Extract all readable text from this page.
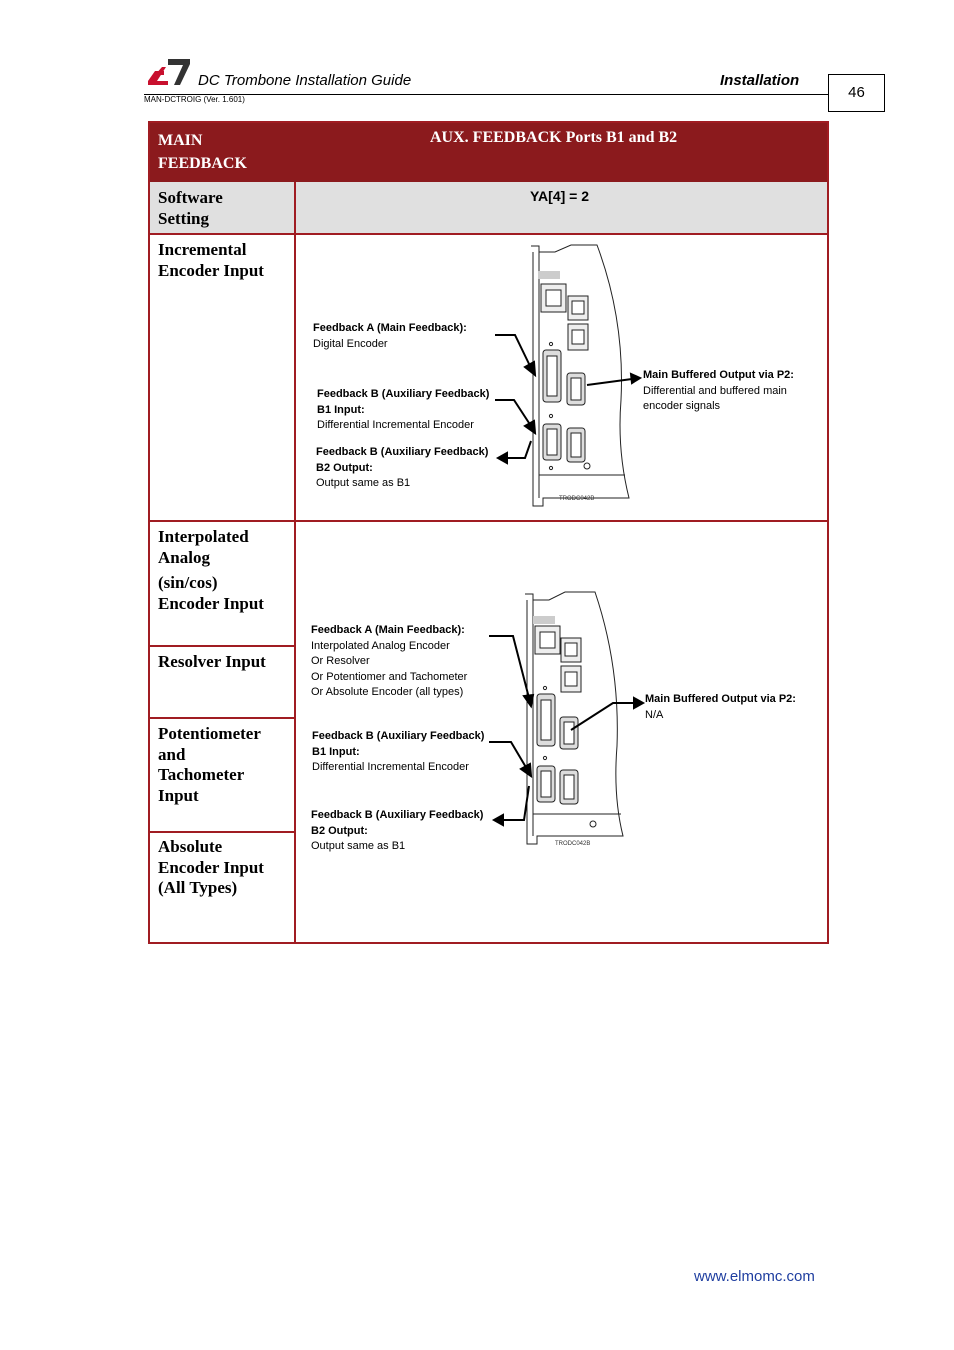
DC Trombone Installation Guide	Installation
MAN-DCTROIG (Ver. 1.601)	46
MAIN
FEEDBACK
AUX. FEEDBACK Ports B1 and B2
Software
Setting
YA[4] = 2
Incremental
Encoder Input
Interpolated
Analog
(sin/cos)
Encoder Input
Resolver Input
Potentiometer
and
Tachometer
Input
Absolute
Encoder Input
(All Types)
Feedback A (Main Feedback):
Digital Encoder
Feedback B (Auxiliary Feedback)
B1 Input:
Differential Incremental Encoder
Feedback B (Auxiliary Feedback)
B2 Output:
Output same as B1
Main Buffered Output via P2:
Differential and buffered main
encoder signals
TRODC042B
Feedback A (Main Feedback):
Interpolated Analog Encoder
Or Resolver
Or Potentiomer and Tachometer
Or Absolute Encoder (all types)
Feedback B (Auxiliary Feedback)
B1 Input:
Differential Incremental Encoder
Feedback B (Auxiliary Feedback)
B2 Output:
Output same as B1
Main Buffered Output via P2:
N/A
TRODC042B
www.elmomc.com
